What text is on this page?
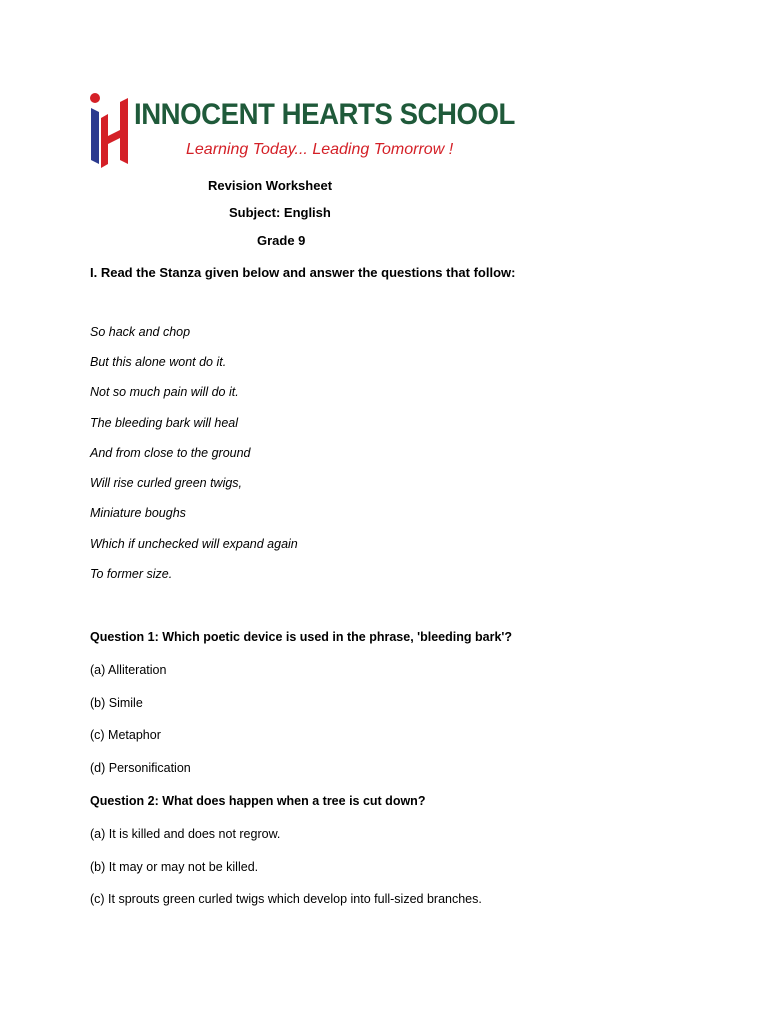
INNOCENT HEARTS SCHOOL
Learning Today... Leading Tomorrow !
Revision Worksheet
Subject: English
Grade 9
I. Read the Stanza given below and answer the questions that follow:
So hack and chop
But this alone wont do it.
Not so much pain will do it.
The bleeding bark will heal
And from close to the ground
Will rise curled green twigs,
Miniature boughs
Which if unchecked will expand again
To former size.
Question 1: Which poetic device is used in the phrase, 'bleeding bark'?
(a) Alliteration
(b) Simile
(c) Metaphor
(d) Personification
Question 2: What does happen when a tree is cut down?
(a) It is killed and does not regrow.
(b) It may or may not be killed.
(c) It sprouts green curled twigs which develop into full-sized branches.
